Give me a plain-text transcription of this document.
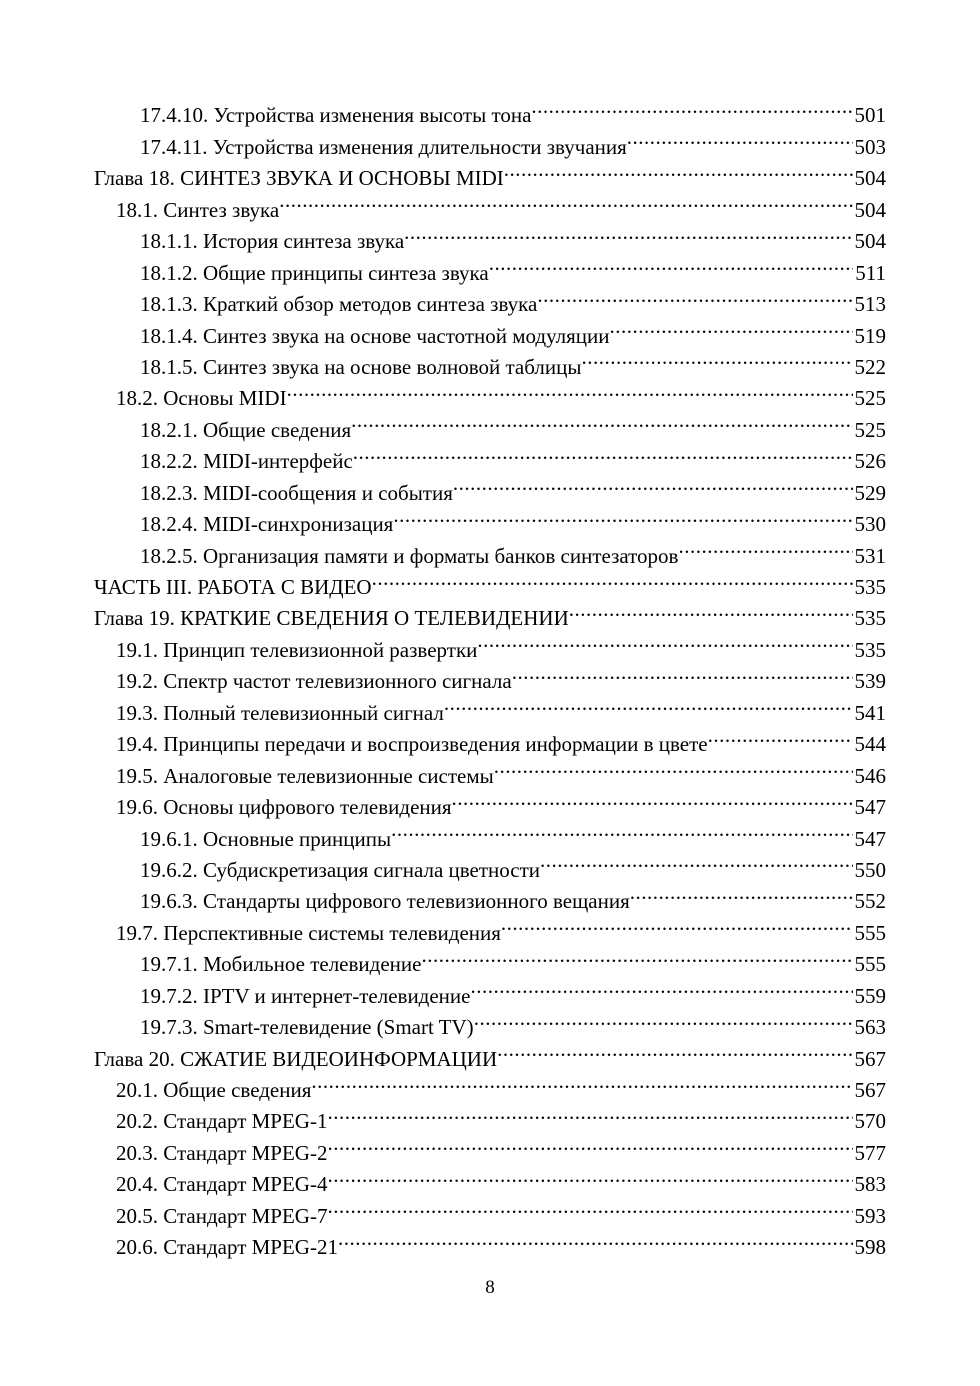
17.4.10. Устройства изменения высоты тона .....	501
17.4.11. Устройства изменения длительности звучания .....	503
Глава 18. СИНТЕЗ ЗВУКА И ОСНОВЫ MIDI .....	504
18.1. Синтез звука .....	504
18.1.1. История синтеза звука .....	504
18.1.2. Общие принципы синтеза звука .....	511
18.1.3. Краткий обзор методов синтеза звука .....	513
18.1.4. Синтез звука на основе частотной модуляции .....	519
18.1.5. Синтез звука на основе волновой таблицы .....	522
18.2. Основы MIDI .....	525
18.2.1. Общие сведения .....	525
18.2.2. MIDI-интерфейс .....	526
18.2.3. MIDI-сообщения и события .....	529
18.2.4. MIDI-синхронизация .....	530
18.2.5. Организация памяти и форматы банков синтезаторов .....	531
ЧАСТЬ III. РАБОТА С ВИДЕО .....	535
Глава 19. КРАТКИЕ СВЕДЕНИЯ О ТЕЛЕВИДЕНИИ .....	535
19.1. Принцип телевизионной развертки .....	535
19.2. Спектр частот телевизионного сигнала .....	539
19.3. Полный телевизионный сигнал .....	541
19.4. Принципы передачи и воспроизведения информации в цвете .....	544
19.5. Аналоговые телевизионные системы .....	546
19.6. Основы цифрового телевидения .....	547
19.6.1. Основные принципы .....	547
19.6.2. Субдискретизация сигнала цветности .....	550
19.6.3. Стандарты цифрового телевизионного вещания .....	552
19.7. Перспективные системы телевидения .....	555
19.7.1. Мобильное телевидение .....	555
19.7.2. IPTV и интернет-телевидение .....	559
19.7.3. Smart-телевидение (Smart TV) .....	563
Глава 20. СЖАТИЕ ВИДЕОИНФОРМАЦИИ .....	567
20.1. Общие сведения .....	567
20.2. Стандарт MPEG-1 .....	570
20.3. Стандарт MPEG-2 .....	577
20.4. Стандарт MPEG-4 .....	583
20.5. Стандарт MPEG-7 .....	593
20.6. Стандарт MPEG-21 .....	598
8
